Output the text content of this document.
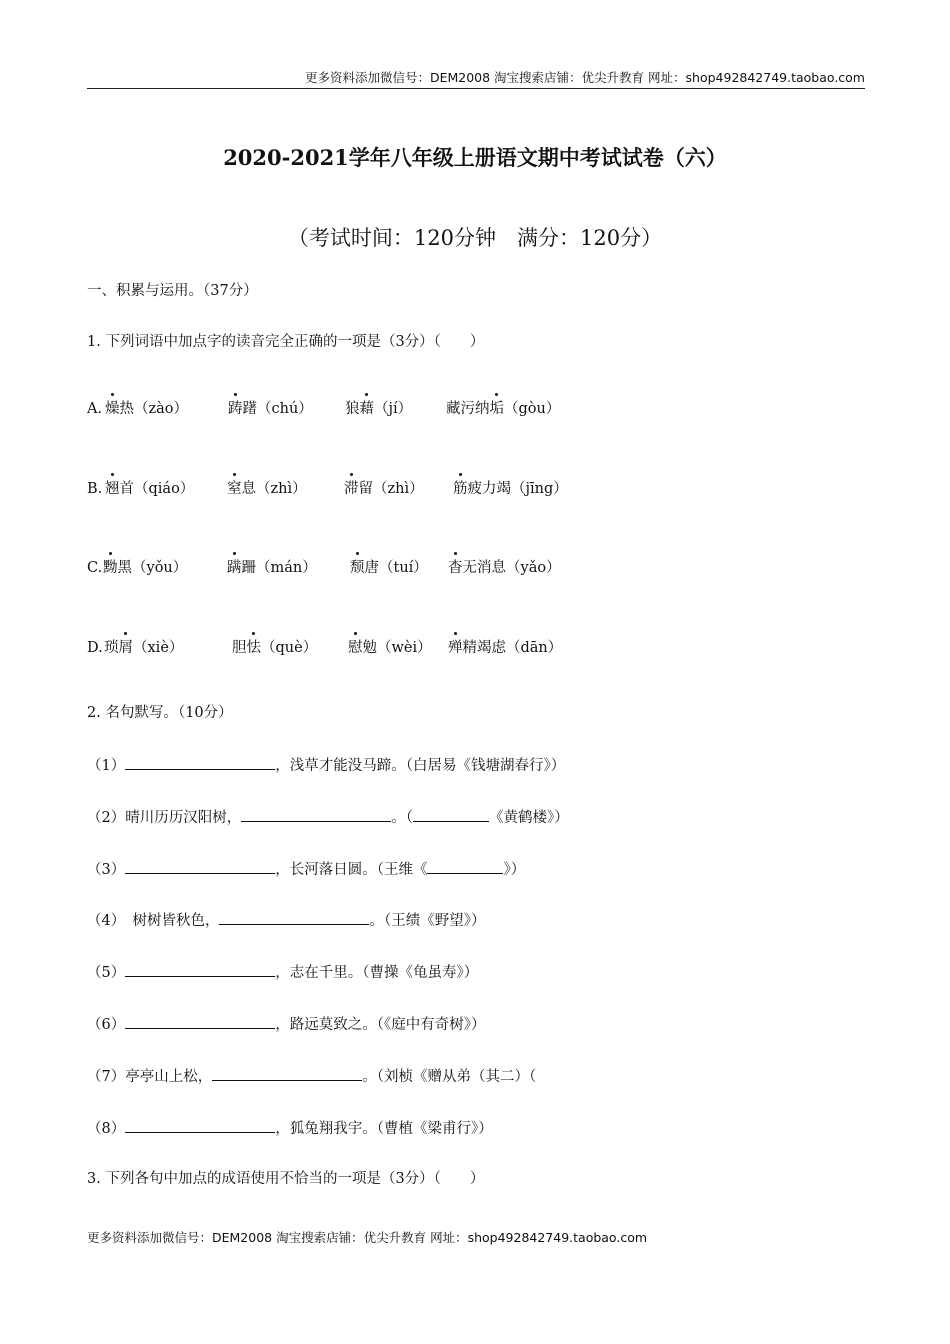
更多资料添加微信号：DEM2008 淘宝搜索店铺：优尖升教育 网址：shop492842749.taobao.com
2020-2021学年八年级上册语文期中考试试卷（六）
（考试时间：120分钟　满分：120分）
一、积累与运用。（37分）
1. 下列词语中加点字的读音完全正确的一项是（3分）（　　）
A. 燥热（zào）	踌躇（chú） 狼藉（jí） 藏污纳垢（gòu）
B. 翘首（qiáo） 窒息（zhì）	滞留（zhì） 筋疲力竭（jīng）
C. 黝黑（yǒu）	蹒跚（mán） 颓唐（tuí） 杳无消息（yǎo）
D. 琐屑（xiè）	胆怯（què） 慰勉（wèi） 殚精竭虑（dān）
2. 名句默写。（10分）
（1）	，浅草才能没马蹄。（白居易《钱塘湖春行》）
（2）晴川历历汉阳树，	。（	《黄鹤楼》）
（3）	，长河落日圆。（王维《	》）
（4）　树树皆秋色，	。（王绩《野望》）
（5）	，志在千里。（曹操《龟虽寿》）
（6）	，路远莫致之。（《庭中有奇树》）
（7）亭亭山上松，	。（刘桢《赠从弟（其二）（
（8）	，狐兔翔我宇。（曹植《梁甫行》）
3. 下列各句中加点的成语使用不恰当的一项是（3分）（　　）
更多资料添加微信号：DEM2008 淘宝搜索店铺：优尖升教育 网址：shop492842749.taobao.com
